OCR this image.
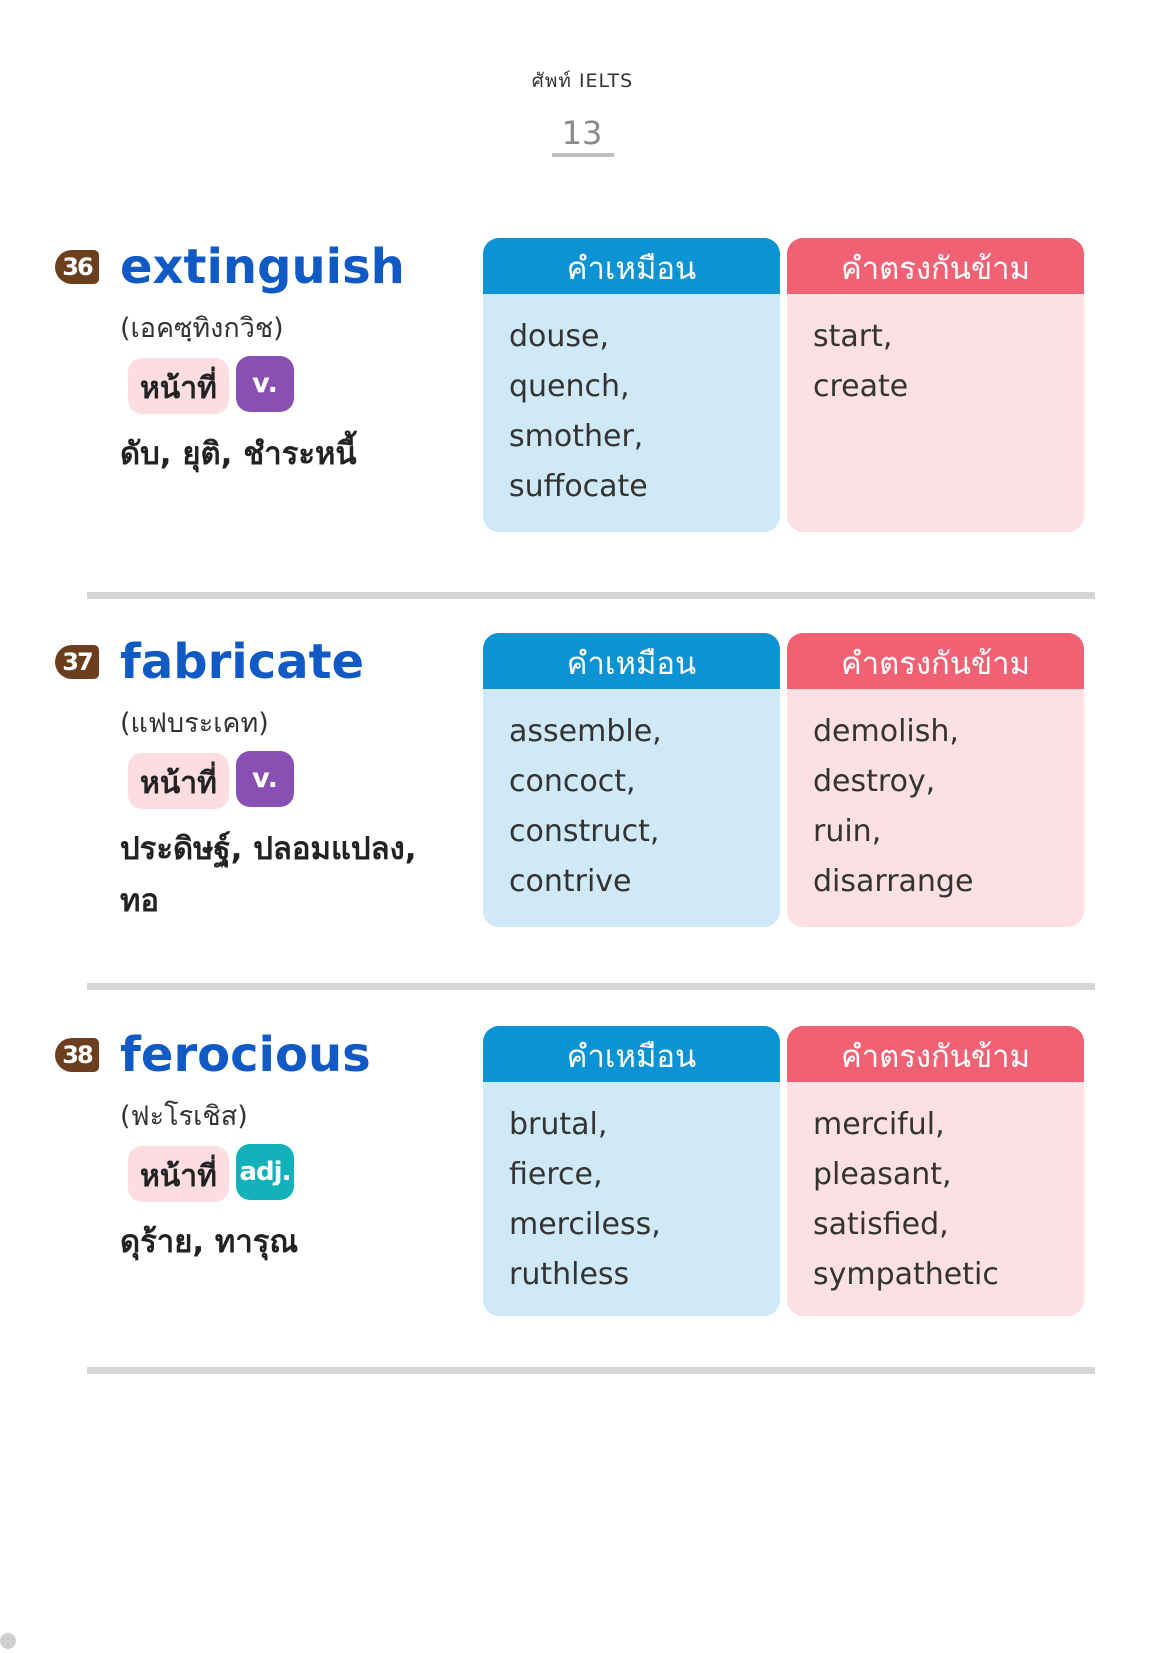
ศัพท์ IELTS
13
36 extinguish
(เอคซฺทิงกวิช)
หน้าที่	v.
ดับ, ยุติ, ชำระหนี้
คำเหมือน
douse,
quench,
smother,
suffocate
คำตรงกันข้าม
start,
create
37 fabricate
(แฟบระเคท)
หน้าที่	v.
ประดิษฐ์, ปลอมแปลง, ทอ
คำเหมือน
assemble,
concoct,
construct,
contrive
คำตรงกันข้าม
demolish,
destroy,
ruin,
disarrange
38 ferocious
(ฟะโรเชิส)
หน้าที่ adj.
ดุร้าย, ทารุณ
คำเหมือน
brutal,
fierce,
merciless,
ruthless
คำตรงกันข้าม
merciful,
pleasant,
satisfied,
sympathetic
